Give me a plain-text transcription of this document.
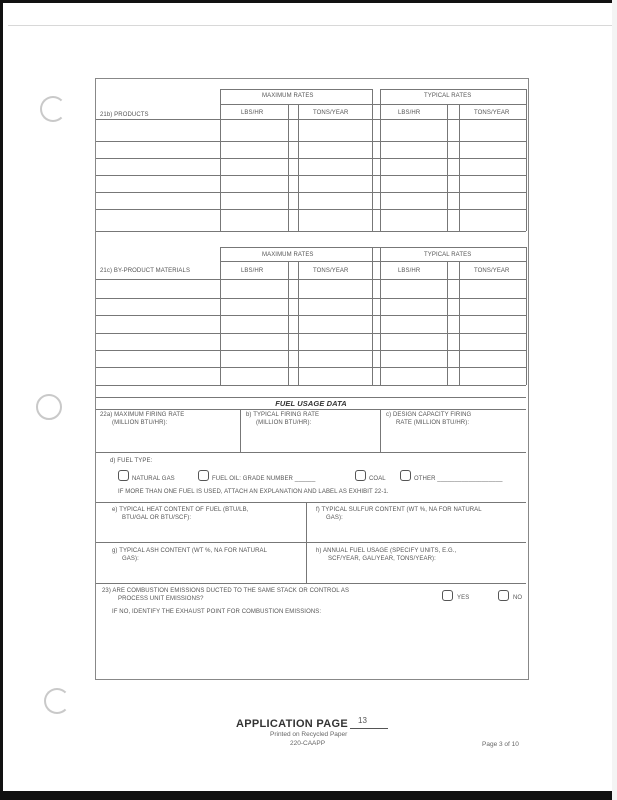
21b) PRODUCTS
MAXIMUM RATES	TYPICAL RATES
LBS/HR	TONS/YEAR	LBS/HR	TONS/YEAR
21c) BY-PRODUCT MATERIALS
MAXIMUM RATES	TYPICAL RATES
LBS/HR	TONS/YEAR	LBS/HR	TONS/YEAR
FUEL USAGE DATA
22a) MAXIMUM FIRING RATE
(MILLION BTU/HR):
b) TYPICAL FIRING RATE
(MILLION BTU/HR):
c) DESIGN CAPACITY FIRING
RATE (MILLION BTU/HR):
d) FUEL TYPE:
NATURAL GAS	FUEL OIL: GRADE NUMBER ______	COAL	OTHER ___________________
IF MORE THAN ONE FUEL IS USED, ATTACH AN EXPLANATION AND LABEL AS EXHIBIT 22-1.
e) TYPICAL HEAT CONTENT OF FUEL (BTU/LB,
BTU/GAL OR BTU/SCF):
f) TYPICAL SULFUR CONTENT (WT %, NA FOR NATURAL
GAS):
g) TYPICAL ASH CONTENT (WT %, NA FOR NATURAL
GAS):
h) ANNUAL FUEL USAGE (SPECIFY UNITS, E.G.,
SCF/YEAR, GAL/YEAR, TONS/YEAR):
23) ARE COMBUSTION EMISSIONS DUCTED TO THE SAME STACK OR CONTROL AS
PROCESS UNIT EMISSIONS?	YES	NO
IF NO, IDENTIFY THE EXHAUST POINT FOR COMBUSTION EMISSIONS:
APPLICATION PAGE 13
Printed on Recycled Paper
220-CAAPP	Page 3 of 10
